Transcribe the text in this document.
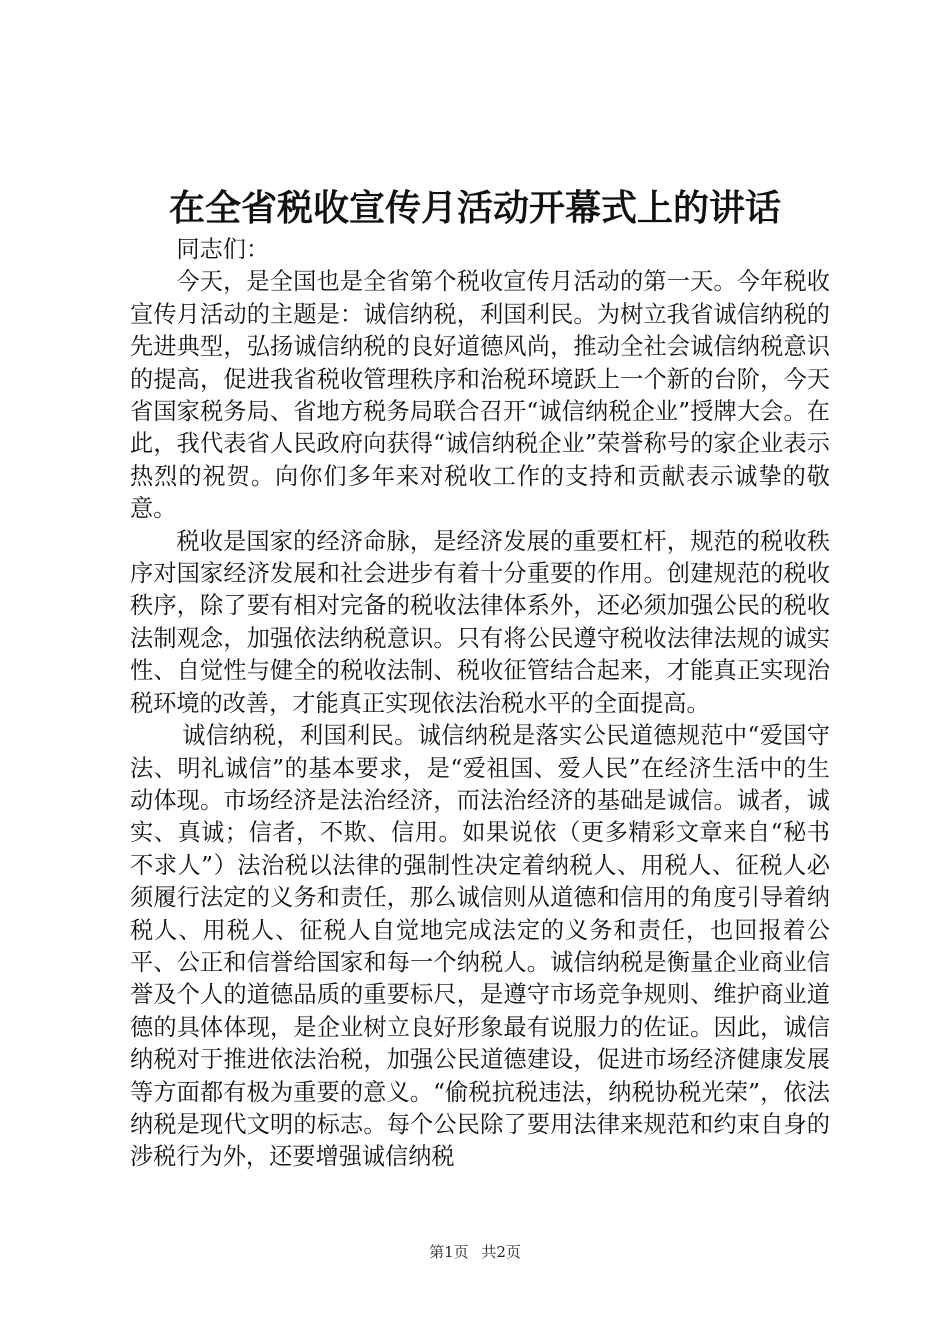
在全省税收宣传月活动开幕式上的讲话

同志们：

今天，是全国也是全省第个税收宣传月活动的第一天。今年税收宣传月活动的主题是：诚信纳税，利国利民。为树立我省诚信纳税的先进典型，弘扬诚信纳税的良好道德风尚，推动全社会诚信纳税意识的提高，促进我省税收管理秩序和治税环境跃上一个新的台阶，今天省国家税务局、省地方税务局联合召开“诚信纳税企业”授牌大会。在此，我代表省人民政府向获得“诚信纳税企业”荣誉称号的家企业表示热烈的祝贺。向你们多年来对税收工作的支持和贡献表示诚挚的敬意。

税收是国家的经济命脉，是经济发展的重要杠杆，规范的税收秩序对国家经济发展和社会进步有着十分重要的作用。创建规范的税收秩序，除了要有相对完备的税收法律体系外，还必须加强公民的税收法制观念，加强依法纳税意识。只有将公民遵守税收法律法规的诚实性、自觉性与健全的税收法制、税收征管结合起来，才能真正实现治税环境的改善，才能真正实现依法治税水平的全面提高。

诚信纳税，利国利民。诚信纳税是落实公民道德规范中“爱国守法、明礼诚信”的基本要求，是“爱祖国、爱人民”在经济生活中的生动体现。市场经济是法治经济，而法治经济的基础是诚信。诚者，诚实、真诚；信者，不欺、信用。如果说依（更多精彩文章来自“秘书不求人”）法治税以法律的强制性决定着纳税人、用税人、征税人必须履行法定的义务和责任，那么诚信则从道德和信用的角度引导着纳税人、用税人、征税人自觉地完成法定的义务和责任，也回报着公平、公正和信誉给国家和每一个纳税人。诚信纳税是衡量企业商业信誉及个人的道德品质的重要标尺，是遵守市场竞争规则、维护商业道德的具体体现，是企业树立良好形象最有说服力的佐证。因此，诚信纳税对于推进依法治税，加强公民道德建设，促进市场经济健康发展等方面都有极为重要的意义。“偷税抗税违法，纳税协税光荣”，依法纳税是现代文明的标志。每个公民除了要用法律来规范和约束自身的涉税行为外，还要增强诚信纳税

第1页 共2页
